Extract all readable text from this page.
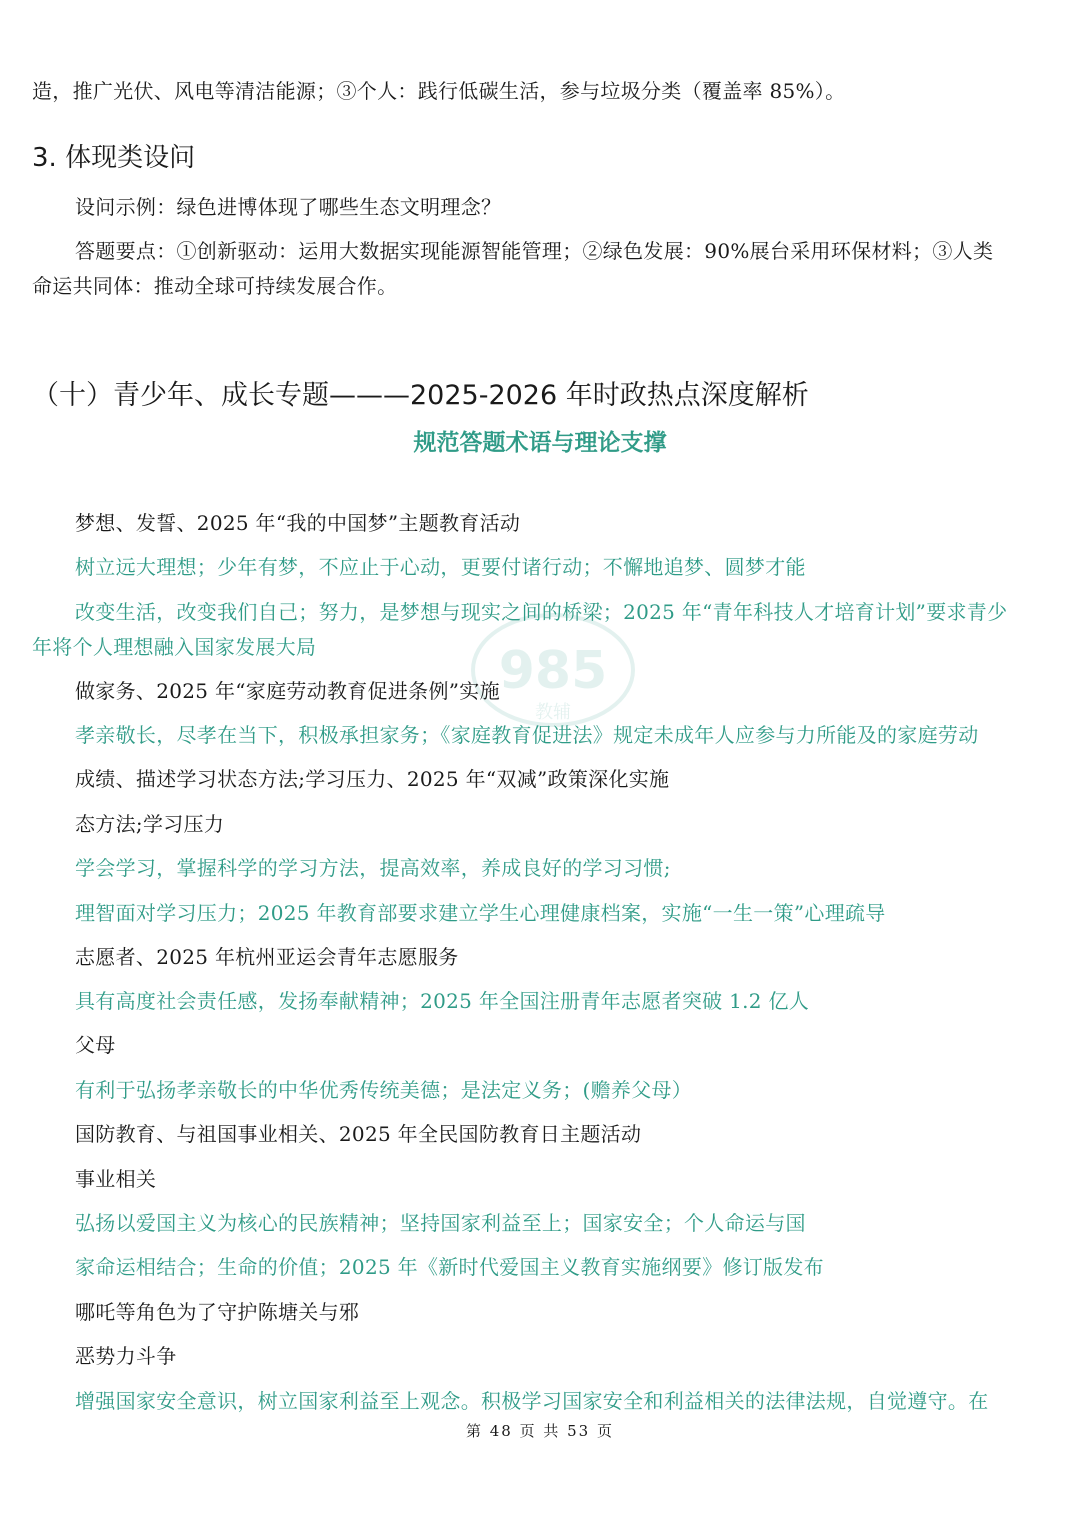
985
教辅
造，推广光伏、风电等清洁能源；③个人：践行低碳生活，参与垃圾分类（覆盖率 85%）。
3. 体现类设问
设问示例：绿色进博体现了哪些生态文明理念？
答题要点：①创新驱动：运用大数据实现能源智能管理；②绿色发展：90%展台采用环保材料；③人类
命运共同体：推动全球可持续发展合作。
（十）青少年、成长专题———2025-2026 年时政热点深度解析
规范答题术语与理论支撑
梦想、发誓、2025 年“我的中国梦”主题教育活动
树立远大理想；少年有梦，不应止于心动，更要付诸行动；不懈地追梦、圆梦才能
改变生活，改变我们自己；努力，是梦想与现实之间的桥梁；2025 年“青年科技人才培育计划”要求青少
年将个人理想融入国家发展大局
做家务、2025 年“家庭劳动教育促进条例”实施
孝亲敬长，尽孝在当下，积极承担家务；《家庭教育促进法》规定未成年人应参与力所能及的家庭劳动
成绩、描述学习状态方法;学习压力、2025 年“双减”政策深化实施
态方法;学习压力
学会学习，掌握科学的学习方法，提高效率，养成良好的学习习惯;
理智面对学习压力；2025 年教育部要求建立学生心理健康档案，实施“一生一策”心理疏导
志愿者、2025 年杭州亚运会青年志愿服务
具有高度社会责任感，发扬奉献精神；2025 年全国注册青年志愿者突破 1.2 亿人
父母
有利于弘扬孝亲敬长的中华优秀传统美德；是法定义务；(赡养父母）
国防教育、与祖国事业相关、2025 年全民国防教育日主题活动
事业相关
弘扬以爱国主义为核心的民族精神；坚持国家利益至上；国家安全；个人命运与国
家命运相结合；生命的价值；2025 年《新时代爱国主义教育实施纲要》修订版发布
哪吒等角色为了守护陈塘关与邪
恶势力斗争
增强国家安全意识，树立国家利益至上观念。积极学习国家安全和利益相关的法律法规，自觉遵守。在
第 48 页 共 53 页
